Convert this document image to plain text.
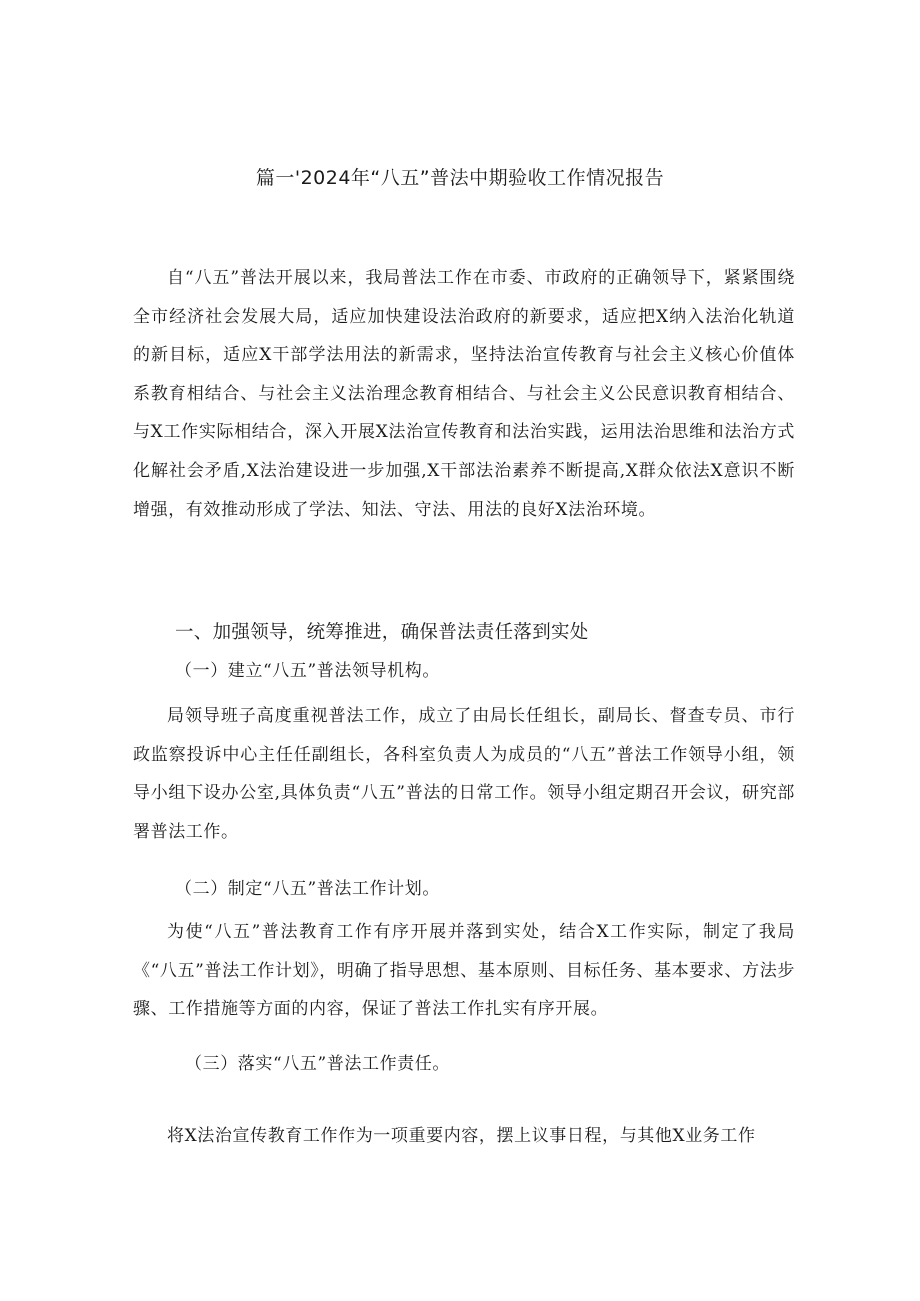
篇一'2024年“八五”普法中期验收工作情况报告
自“八五”普法开展以来，我局普法工作在市委、市政府的正确领导下，紧紧围绕全市经济社会发展大局，适应加快建设法治政府的新要求，适应把X纳入法治化轨道的新目标，适应X干部学法用法的新需求，坚持法治宣传教育与社会主义核心价值体系教育相结合、与社会主义法治理念教育相结合、与社会主义公民意识教育相结合、与X工作实际相结合，深入开展X法治宣传教育和法治实践，运用法治思维和法治方式化解社会矛盾,X法治建设进一步加强,X干部法治素养不断提高,X群众依法X意识不断增强，有效推动形成了学法、知法、守法、用法的良好X法治环境。
一、加强领导，统筹推进，确保普法责任落到实处
（一）建立“八五”普法领导机构。
局领导班子高度重视普法工作，成立了由局长任组长，副局长、督查专员、市行政监察投诉中心主任任副组长，各科室负责人为成员的“八五”普法工作领导小组，领导小组下设办公室,具体负责“八五”普法的日常工作。领导小组定期召开会议，研究部署普法工作。
（二）制定“八五”普法工作计划。
为使“八五”普法教育工作有序开展并落到实处，结合X工作实际，制定了我局《“八五”普法工作计划》，明确了指导思想、基本原则、目标任务、基本要求、方法步骤、工作措施等方面的内容，保证了普法工作扎实有序开展。
（三）落实“八五”普法工作责任。
将X法治宣传教育工作作为一项重要内容，摆上议事日程，与其他X业务工作
